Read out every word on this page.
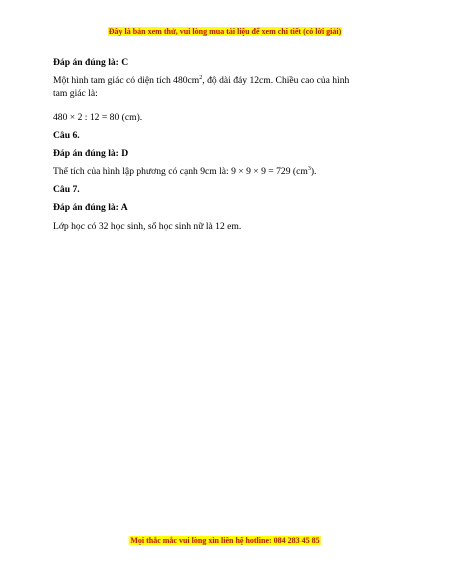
Đây là bản xem thử, vui lòng mua tài liệu để xem chi tiết (có lời giải)

Đáp án đúng là: C

Một hình tam giác có diện tích $480cm^2$, độ dài đáy 12cm. Chiều cao của hình tam giác là:

480 × 2 : 12 = 80 (cm).

Câu 6.

Đáp án đúng là: D

Thể tích của hình lập phương có cạnh 9cm là: 9 × 9 × 9 = 729 $(cm^3)$.

Câu 7.

Đáp án đúng là: A

Lớp học có 32 học sinh, số học sinh nữ là 12 em.

Mọi thắc mắc vui lòng xin liên hệ hotline: 084 283 45 85
